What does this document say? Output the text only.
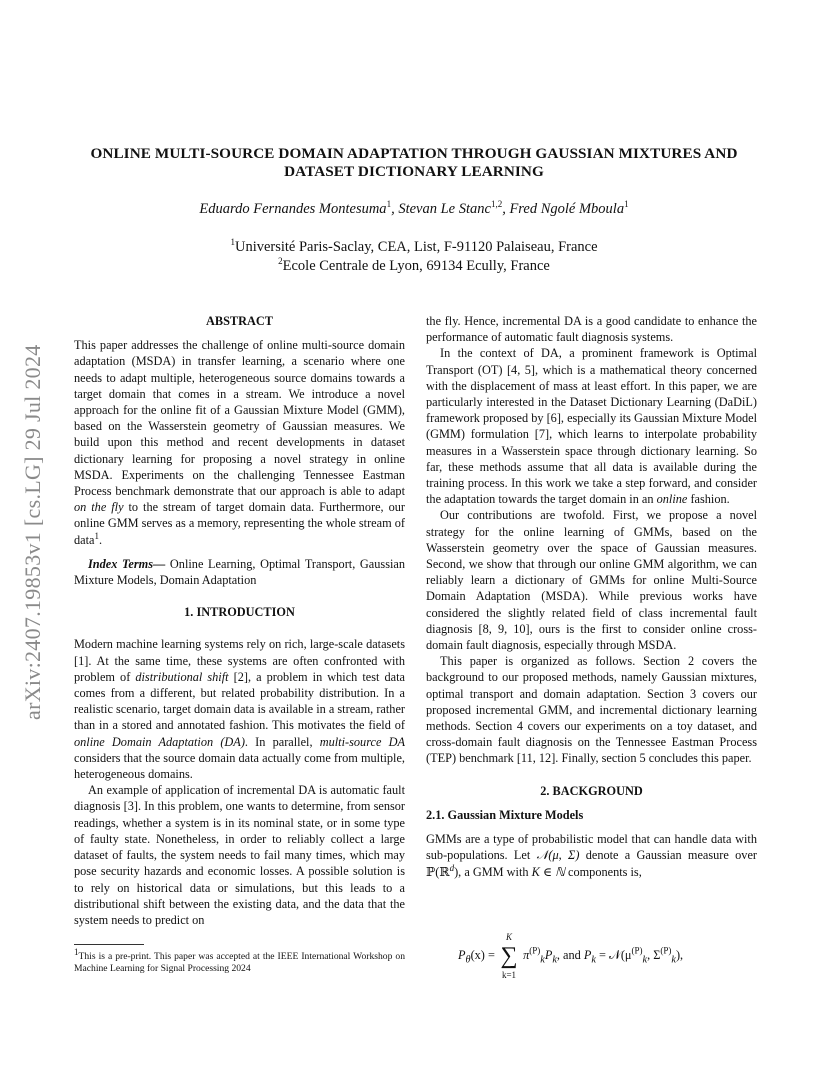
arXiv:2407.19853v1 [cs.LG] 29 Jul 2024
ONLINE MULTI-SOURCE DOMAIN ADAPTATION THROUGH GAUSSIAN MIXTURES AND
DATASET DICTIONARY LEARNING
Eduardo Fernandes Montesuma$^1$, Stevan Le Stanc$^{1,2}$, Fred Ngolé Mboula$^1$
$^1$Université Paris-Saclay, CEA, List, F-91120 Palaiseau, France
$^2$Ecole Centrale de Lyon, 69134 Ecully, France

ABSTRACT

This paper addresses the challenge of online multi-source domain adaptation (MSDA) in transfer learning, a scenario where one needs to adapt multiple, heterogeneous source domains towards a target domain that comes in a stream. We introduce a novel approach for the online fit of a Gaussian Mixture Model (GMM), based on the Wasserstein geometry of Gaussian measures. We build upon this method and recent developments in dataset dictionary learning for proposing a novel strategy in online MSDA. Experiments on the challenging Tennessee Eastman Process benchmark demonstrate that our approach is able to adapt on the fly to the stream of target domain data. Furthermore, our online GMM serves as a memory, representing the whole stream of data$^1$.

Index Terms— Online Learning, Optimal Transport, Gaussian Mixture Models, Domain Adaptation

1. INTRODUCTION

Modern machine learning systems rely on rich, large-scale datasets [1]. At the same time, these systems are often confronted with problem of distributional shift [2], a problem in which test data comes from a different, but related probability distribution. In a realistic scenario, target domain data is available in a stream, rather than in a stored and annotated fashion. This motivates the field of online Domain Adaptation (DA). In parallel, multi-source DA considers that the source domain data actually come from multiple, heterogeneous domains.

An example of application of incremental DA is automatic fault diagnosis [3]. In this problem, one wants to determine, from sensor readings, whether a system is in its nominal state, or in some type of faulty state. Nonetheless, in order to reliably collect a large dataset of faults, the system needs to fail many times, which may pose security hazards and economic losses. A possible solution is to rely on historical data or simulations, but this leads to a distributional shift between the existing data, and the data that the system needs to predict on

$^1$This is a pre-print. This paper was accepted at the IEEE International Workshop on Machine Learning for Signal Processing 2024

the fly. Hence, incremental DA is a good candidate to enhance the performance of automatic fault diagnosis systems.

In the context of DA, a prominent framework is Optimal Transport (OT) [4, 5], which is a mathematical theory concerned with the displacement of mass at least effort. In this paper, we are particularly interested in the Dataset Dictionary Learning (DaDiL) framework proposed by [6], especially its Gaussian Mixture Model (GMM) formulation [7], which learns to interpolate probability measures in a Wasserstein space through dictionary learning. So far, these methods assume that all data is available during the training process. In this work we take a step forward, and consider the adaptation towards the target domain in an online fashion.

Our contributions are twofold. First, we propose a novel strategy for the online learning of GMMs, based on the Wasserstein geometry over the space of Gaussian measures. Second, we show that through our online GMM algorithm, we can reliably learn a dictionary of GMMs for online Multi-Source Domain Adaptation (MSDA). While previous works have considered the slightly related field of class incremental fault diagnosis [8, 9, 10], ours is the first to consider online cross-domain fault diagnosis, especially through MSDA.

This paper is organized as follows. Section 2 covers the background to our proposed methods, namely Gaussian mixtures, optimal transport and domain adaptation. Section 3 covers our proposed incremental GMM, and incremental dictionary learning methods. Section 4 covers our experiments on a toy dataset, and cross-domain fault diagnosis on the Tennessee Eastman Process (TEP) benchmark [11, 12]. Finally, section 5 concludes this paper.

2. BACKGROUND

2.1. Gaussian Mixture Models

GMMs are a type of probabilistic model that can handle data with sub-populations. Let 𝒩(μ, Σ) denote a Gaussian measure over ℙ(ℝ$^d$), a GMM with K ∈ ℕ components is,

$P_\theta(x)$ =
K
∑
k=1
$\pi^{(P)}_kP_k$, and $P_k$ = $𝒩(\mu^{(P)}_k$, $\Sigma^{(P)}_k$),
